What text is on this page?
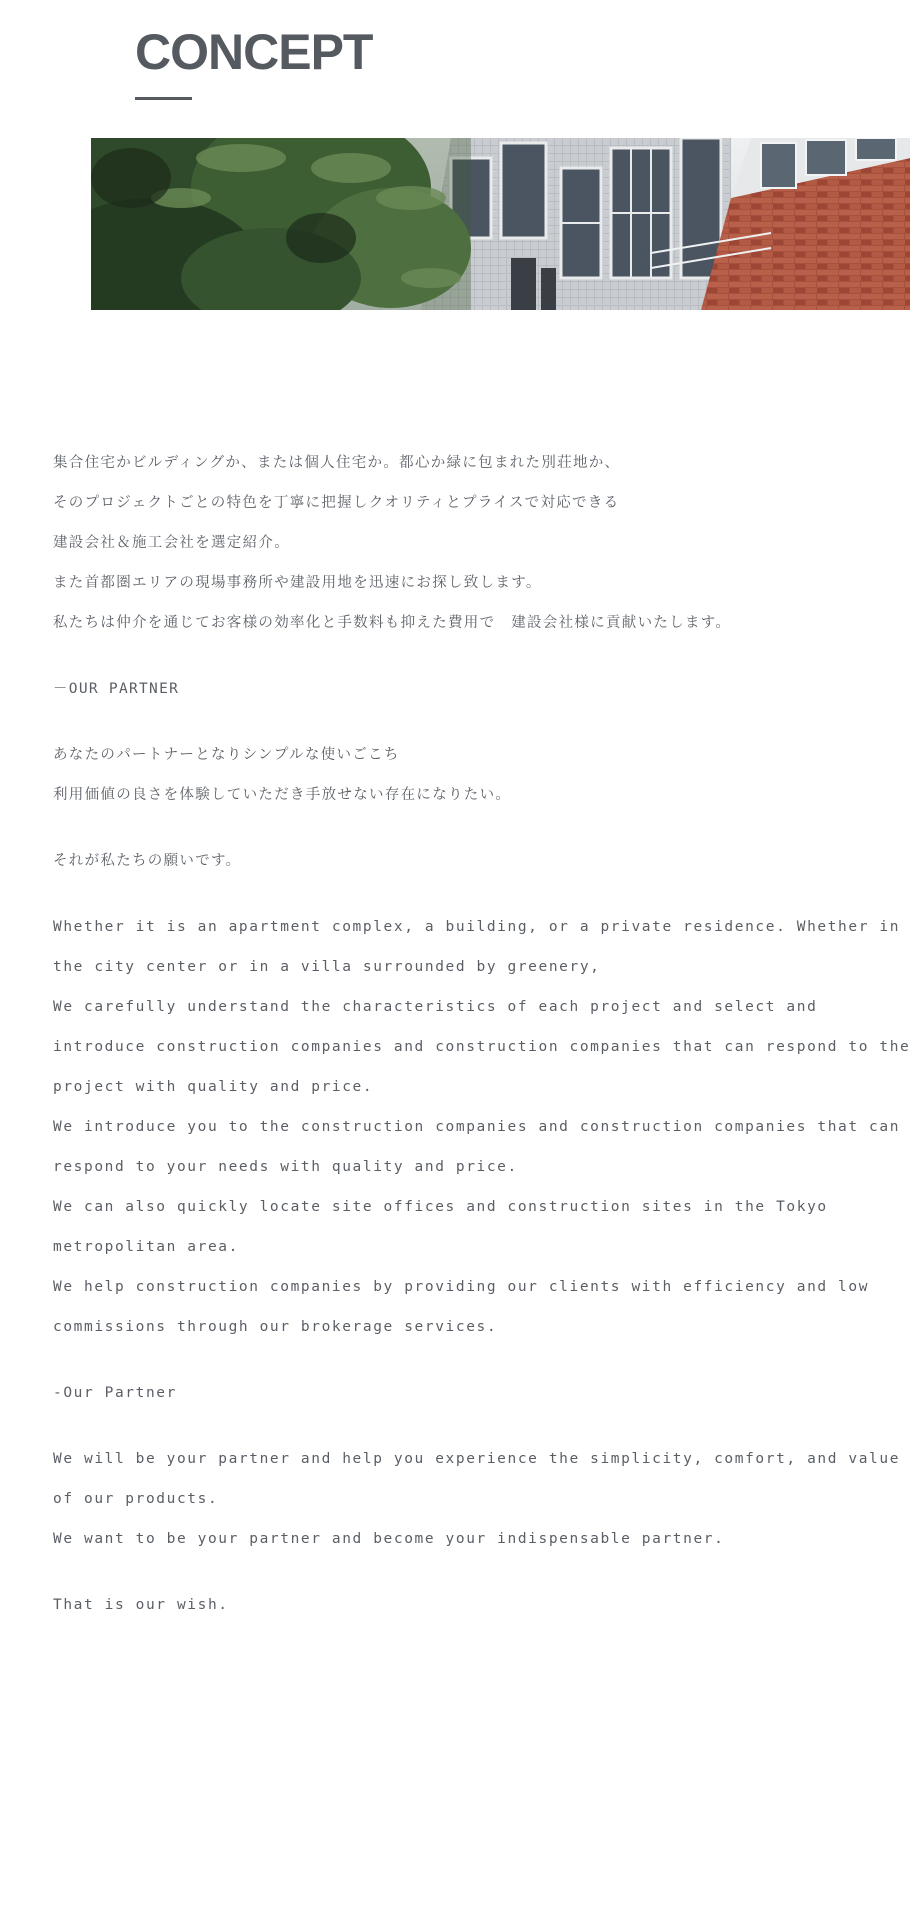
CONCEPT

集合住宅かビルディングか、または個人住宅か。都心か緑に包まれた別荘地か、
そのプロジェクトごとの特色を丁寧に把握しクオリティとプライスで対応できる
建設会社＆施工会社を選定紹介。
また首都圏エリアの現場事務所や建設用地を迅速にお探し致します。
私たちは仲介を通じてお客様の効率化と手数料も抑えた費用で　建設会社様に貢献いたします。

－OUR PARTNER

あなたのパートナーとなりシンプルな使いごこち
利用価値の良さを体験していただき手放せない存在になりたい。

それが私たちの願いです。

Whether it is an apartment complex, a building, or a private residence. Whether in
the city center or in a villa surrounded by greenery,
We carefully understand the characteristics of each project and select and
introduce construction companies and construction companies that can respond to the
project with quality and price.
We introduce you to the construction companies and construction companies that can
respond to your needs with quality and price.
We can also quickly locate site offices and construction sites in the Tokyo
metropolitan area.
We help construction companies by providing our clients with efficiency and low
commissions through our brokerage services.

-Our Partner

We will be your partner and help you experience the simplicity, comfort, and value
of our products.
We want to be your partner and become your indispensable partner.

That is our wish.
